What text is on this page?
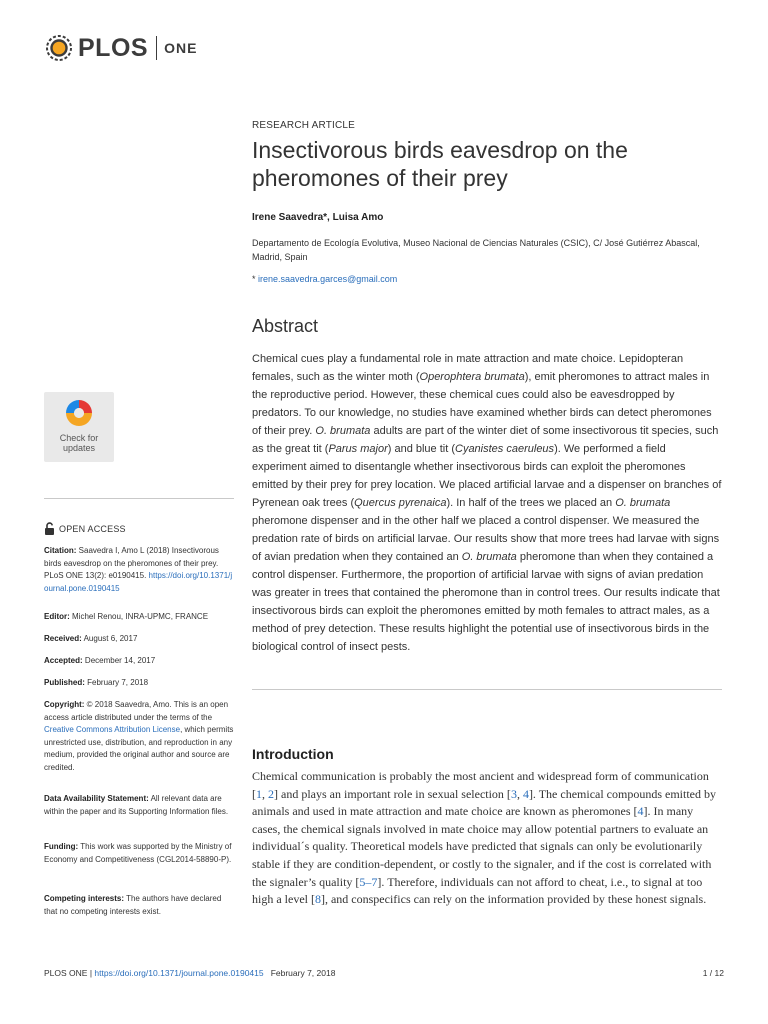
PLOS ONE
RESEARCH ARTICLE
Insectivorous birds eavesdrop on the pheromones of their prey
Irene Saavedra*, Luisa Amo
Departamento de Ecología Evolutiva, Museo Nacional de Ciencias Naturales (CSIC), C/ José Gutiérrez Abascal, Madrid, Spain
* irene.saavedra.garces@gmail.com
Abstract

Chemical cues play a fundamental role in mate attraction and mate choice. Lepidopteran females, such as the winter moth (Operophtera brumata), emit pheromones to attract males in the reproductive period. However, these chemical cues could also be eavesdropped by predators. To our knowledge, no studies have examined whether birds can detect pheromones of their prey. O. brumata adults are part of the winter diet of some insectivorous tit species, such as the great tit (Parus major) and blue tit (Cyanistes caeruleus). We performed a field experiment aimed to disentangle whether insectivorous birds can exploit the pheromones emitted by their prey for prey location. We placed artificial larvae and a dispenser on branches of Pyrenean oak trees (Quercus pyrenaica). In half of the trees we placed an O. brumata pheromone dispenser and in the other half we placed a control dispenser. We measured the predation rate of birds on artificial larvae. Our results show that more trees had larvae with signs of avian predation when they contained an O. brumata pheromone than when they contained a control dispenser. Furthermore, the proportion of artificial larvae with signs of avian predation was greater in trees that contained the pheromone than in control trees. Our results indicate that insectivorous birds can exploit the pheromones emitted by moth females to attract males, as a method of prey detection. These results highlight the potential use of insectivorous birds in the biological control of insect pests.

Introduction

Chemical communication is probably the most ancient and widespread form of communication [1, 2] and plays an important role in sexual selection [3, 4]. The chemical compounds emitted by animals and used in mate attraction and mate choice are known as pheromones [4]. In many cases, the chemical signals involved in mate choice may allow potential partners to evaluate an individual´s quality. Theoretical models have predicted that signals can only be evolutionarily stable if they are condition-dependent, or costly to the signaler, and if the cost is correlated with the signaler’s quality [5–7]. Therefore, individuals can not afford to cheat, i.e., to signal at too high a level [8], and conspecifics can rely on the information provided by these honest signals.

Check for updates
OPEN ACCESS
Citation: Saavedra I, Amo L (2018) Insectivorous birds eavesdrop on the pheromones of their prey. PLoS ONE 13(2): e0190415. https://doi.org/10.1371/journal.pone.0190415
Editor: Michel Renou, INRA-UPMC, FRANCE
Received: August 6, 2017
Accepted: December 14, 2017
Published: February 7, 2018
Copyright: © 2018 Saavedra, Amo. This is an open access article distributed under the terms of the Creative Commons Attribution License, which permits unrestricted use, distribution, and reproduction in any medium, provided the original author and source are credited.
Data Availability Statement: All relevant data are within the paper and its Supporting Information files.
Funding: This work was supported by the Ministry of Economy and Competitiveness (CGL2014-58890-P).
Competing interests: The authors have declared that no competing interests exist.
PLOS ONE | https://doi.org/10.1371/journal.pone.0190415 February 7, 2018	1 / 12
